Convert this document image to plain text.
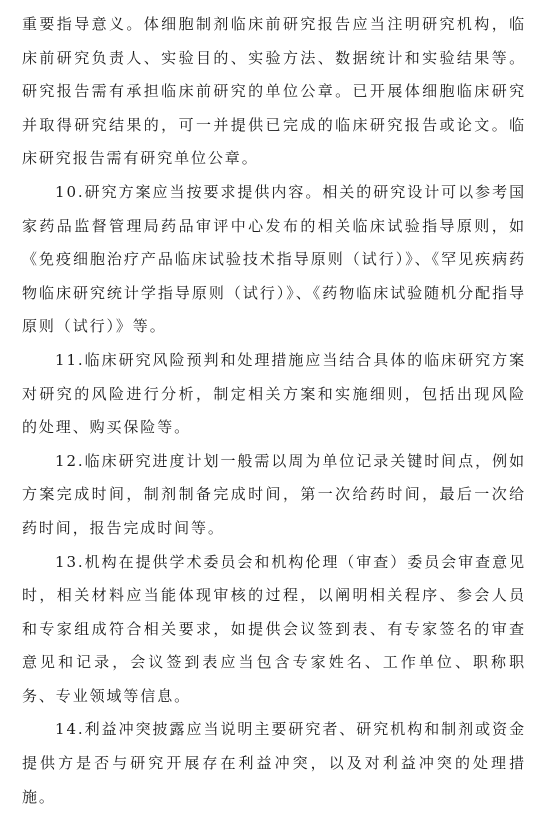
重要指导意义。体细胞制剂临床前研究报告应当注明研究机构，临床前研究负责人、实验目的、实验方法、数据统计和实验结果等。研究报告需有承担临床前研究的单位公章。已开展体细胞临床研究并取得研究结果的，可一并提供已完成的临床研究报告或论文。临床研究报告需有研究单位公章。

10.研究方案应当按要求提供内容。相关的研究设计可以参考国家药品监督管理局药品审评中心发布的相关临床试验指导原则，如《免疫细胞治疗产品临床试验技术指导原则（试行）》、《罕见疾病药物临床研究统计学指导原则（试行）》、《药物临床试验随机分配指导原则（试行）》等。

11.临床研究风险预判和处理措施应当结合具体的临床研究方案对研究的风险进行分析，制定相关方案和实施细则，包括出现风险的处理、购买保险等。

12.临床研究进度计划一般需以周为单位记录关键时间点，例如方案完成时间，制剂制备完成时间，第一次给药时间，最后一次给药时间，报告完成时间等。

13.机构在提供学术委员会和机构伦理（审查）委员会审查意见时，相关材料应当能体现审核的过程，以阐明相关程序、参会人员和专家组成符合相关要求，如提供会议签到表、有专家签名的审查意见和记录，会议签到表应当包含专家姓名、工作单位、职称职务、专业领域等信息。

14.利益冲突披露应当说明主要研究者、研究机构和制剂或资金提供方是否与研究开展存在利益冲突，以及对利益冲突的处理措施。
